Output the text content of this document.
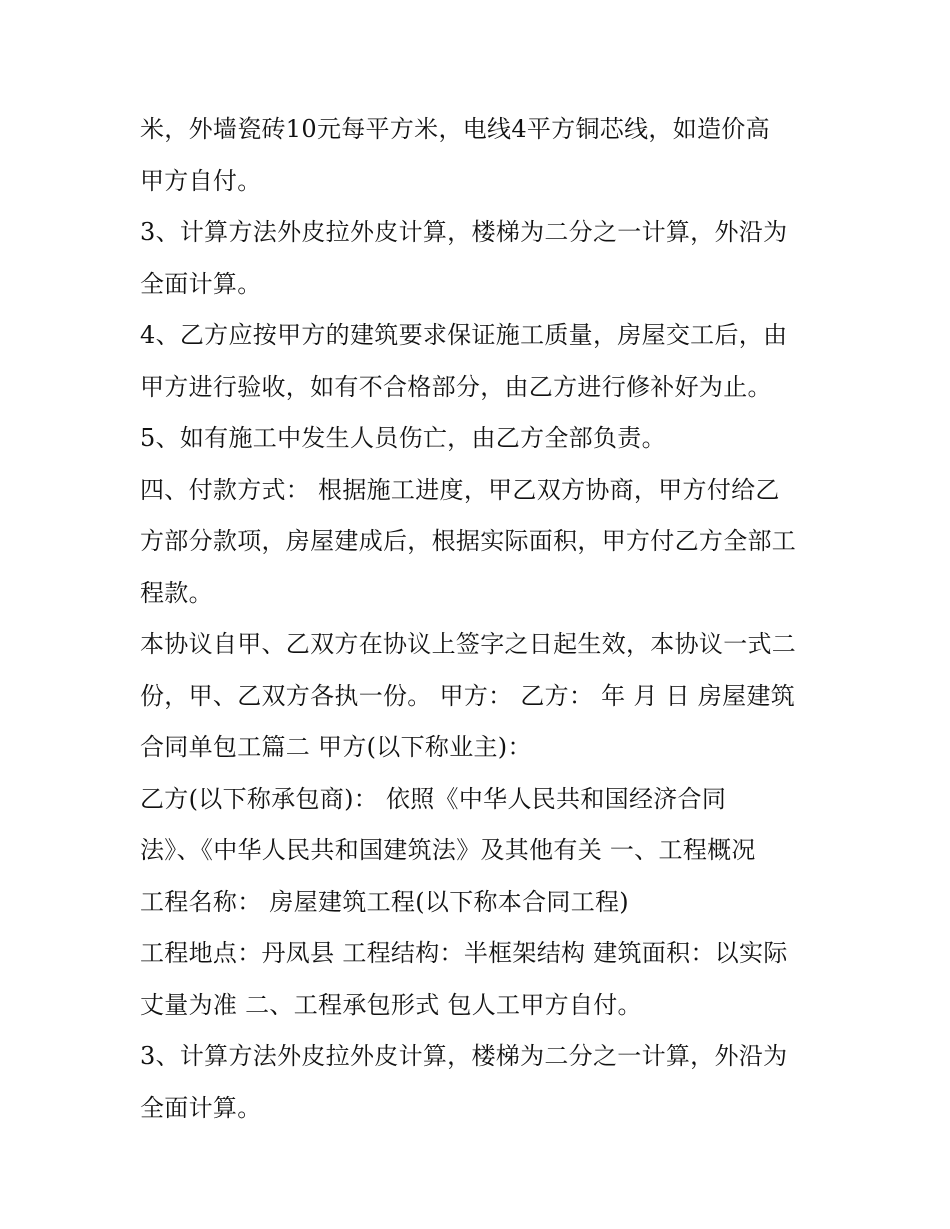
米，外墙瓷砖10元每平方米，电线4平方铜芯线，如造价高
甲方自付。
3、计算方法外皮拉外皮计算，楼梯为二分之一计算，外沿为
全面计算。
4、乙方应按甲方的建筑要求保证施工质量，房屋交工后，由
甲方进行验收，如有不合格部分，由乙方进行修补好为止。
5、如有施工中发生人员伤亡，由乙方全部负责。
四、付款方式： 根据施工进度，甲乙双方协商，甲方付给乙
方部分款项，房屋建成后，根据实际面积，甲方付乙方全部工
程款。
本协议自甲、乙双方在协议上签字之日起生效，本协议一式二
份，甲、乙双方各执一份。 甲方： 乙方： 年 月 日 房屋建筑
合同单包工篇二 甲方(以下称业主)：
乙方(以下称承包商)： 依照《中华人民共和国经济合同
法》、《中华人民共和国建筑法》及其他有关 一、工程概况
工程名称： 房屋建筑工程(以下称本合同工程)
工程地点：丹凤县 工程结构：半框架结构 建筑面积：以实际
丈量为准 二、工程承包形式 包人工甲方自付。
3、计算方法外皮拉外皮计算，楼梯为二分之一计算，外沿为
全面计算。
